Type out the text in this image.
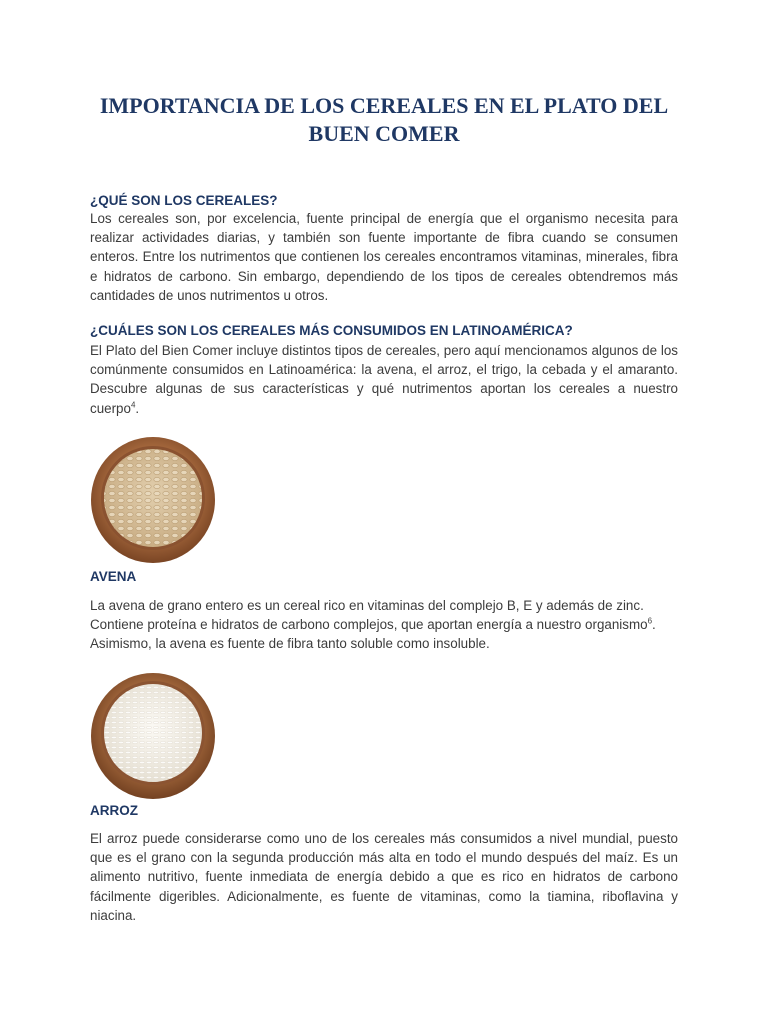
IMPORTANCIA DE LOS CEREALES EN EL PLATO DEL BUEN COMER
¿QUÉ SON LOS CEREALES?

Los cereales son, por excelencia, fuente principal de energía que el organismo necesita para realizar actividades diarias, y también son fuente importante de fibra cuando se consumen enteros. Entre los nutrimentos que contienen los cereales encontramos vitaminas, minerales, fibra e hidratos de carbono. Sin embargo, dependiendo de los tipos de cereales obtendremos más cantidades de unos nutrimentos u otros.

¿CUÁLES SON LOS CEREALES MÁS CONSUMIDOS EN LATINOAMÉRICA?

El Plato del Bien Comer incluye distintos tipos de cereales, pero aquí mencionamos algunos de los comúnmente consumidos en Latinoamérica: la avena, el arroz, el trigo, la cebada y el amaranto. Descubre algunas de sus características y qué nutrimentos aportan los cereales a nuestro cuerpo$^4$.

AVENA

La avena de grano entero es un cereal rico en vitaminas del complejo B, E y además de zinc. Contiene proteína e hidratos de carbono complejos, que aportan energía a nuestro organismo$^6$. Asimismo, la avena es fuente de fibra tanto soluble como insoluble.

ARROZ

El arroz puede considerarse como uno de los cereales más consumidos a nivel mundial, puesto que es el grano con la segunda producción más alta en todo el mundo después del maíz. Es un alimento nutritivo, fuente inmediata de energía debido a que es rico en hidratos de carbono fácilmente digeribles. Adicionalmente, es fuente de vitaminas, como la tiamina, riboflavina y niacina.
